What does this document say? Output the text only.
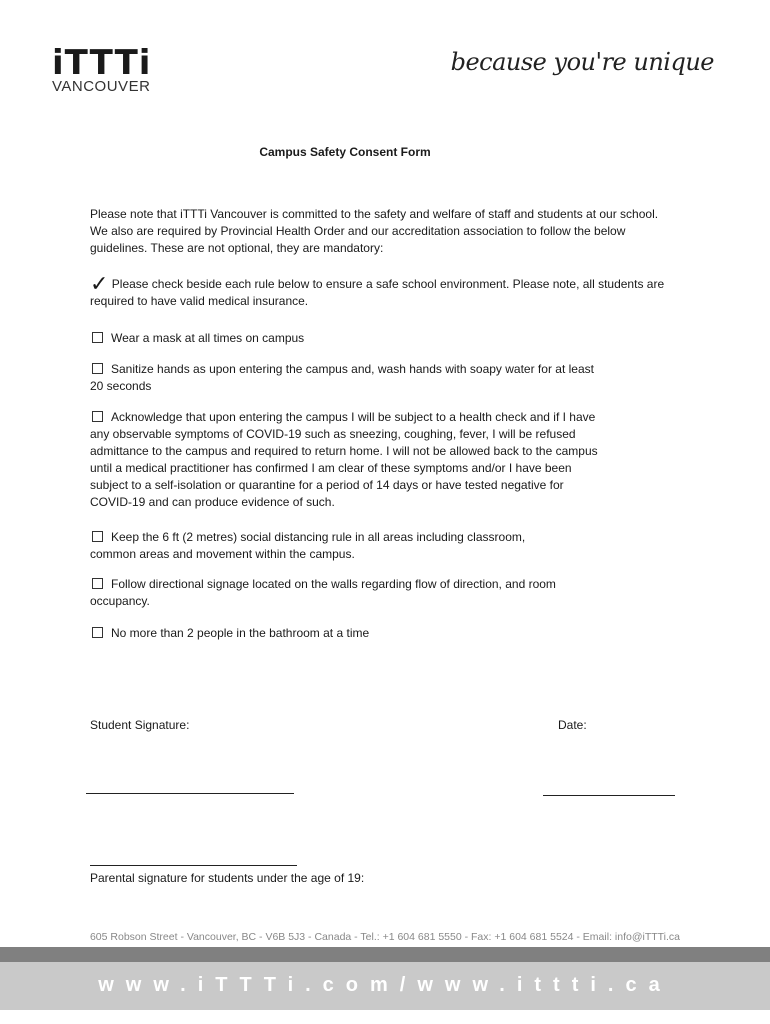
iTTTi
VANCOUVER
because you're unique
Campus Safety Consent Form

Please note that iTTTi Vancouver is committed to the safety and welfare of staff and students at our school. We also are required by Provincial Health Order and our accreditation association to follow the below guidelines. These are not optional, they are mandatory:

✓ Please check beside each rule below to ensure a safe school environment. Please note, all students are required to have valid medical insurance.

Wear a mask at all times on campus

Sanitize hands as upon entering the campus and, wash hands with soapy water for at least 20 seconds

Acknowledge that upon entering the campus I will be subject to a health check and if I have any observable symptoms of COVID-19 such as sneezing, coughing, fever, I will be refused admittance to the campus and required to return home. I will not be allowed back to the campus until a medical practitioner has confirmed I am clear of these symptoms and/or I have been subject to a self-isolation or quarantine for a period of 14 days or have tested negative for COVID-19 and can produce evidence of such.

Keep the 6 ft (2 metres) social distancing rule in all areas including classroom, common areas and movement within the campus.

Follow directional signage located on the walls regarding flow of direction, and room occupancy.

No more than 2 people in the bathroom at a time

Student Signature:	Date:
Parental signature for students under the age of 19:
605 Robson Street - Vancouver, BC - V6B 5J3 - Canada - Tel.: +1 604 681 5550 - Fax: +1 604 681 5524 - Email: info@iTTTi.ca
www.iTTTi.com/www.ittti.ca
